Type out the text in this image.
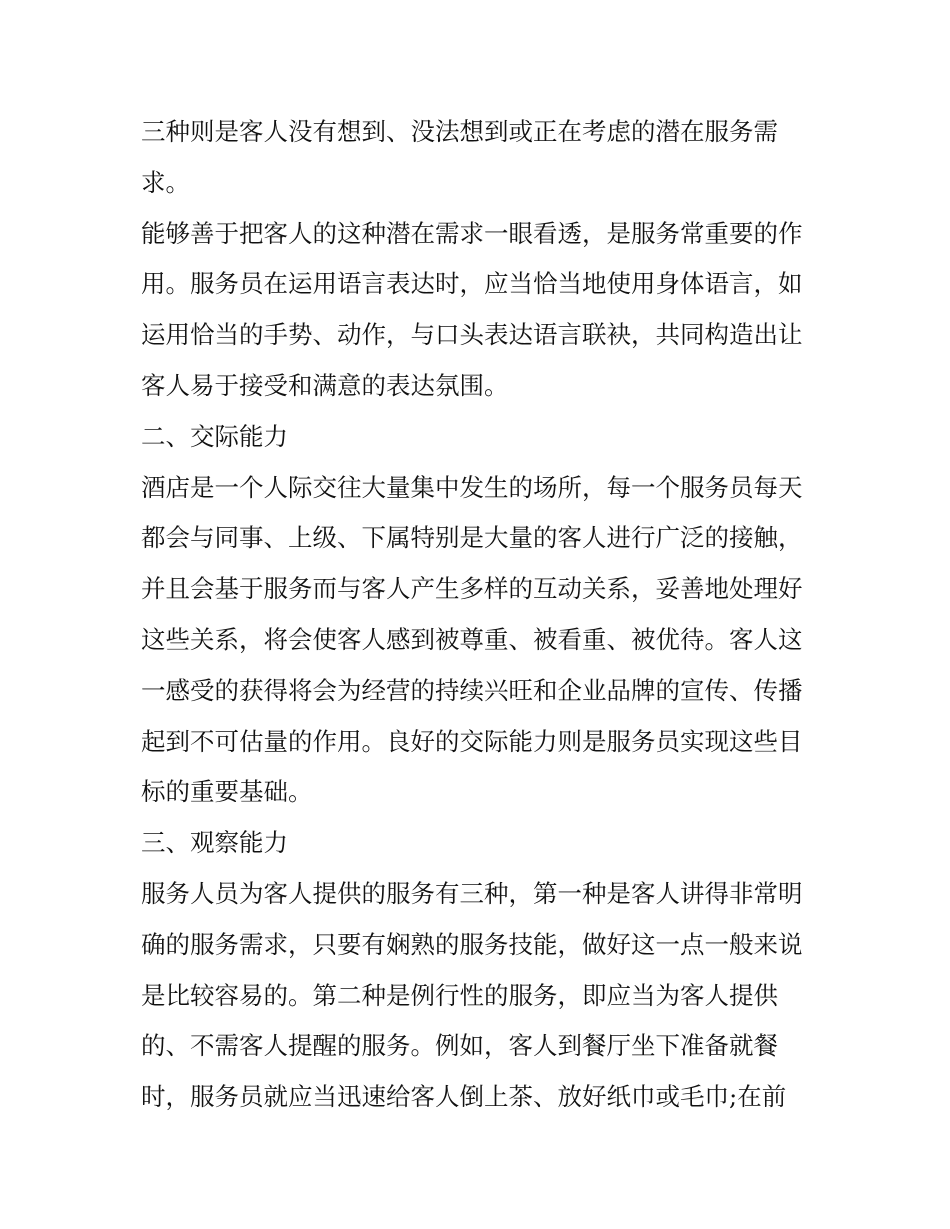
三种则是客人没有想到、没法想到或正在考虑的潜在服务需
求。
能够善于把客人的这种潜在需求一眼看透，是服务常重要的作
用。服务员在运用语言表达时，应当恰当地使用身体语言，如
运用恰当的手势、动作，与口头表达语言联袂，共同构造出让
客人易于接受和满意的表达氛围。
二、交际能力
酒店是一个人际交往大量集中发生的场所，每一个服务员每天
都会与同事、上级、下属特别是大量的客人进行广泛的接触，
并且会基于服务而与客人产生多样的互动关系，妥善地处理好
这些关系，将会使客人感到被尊重、被看重、被优待。客人这
一感受的获得将会为经营的持续兴旺和企业品牌的宣传、传播
起到不可估量的作用。良好的交际能力则是服务员实现这些目
标的重要基础。
三、观察能力
服务人员为客人提供的服务有三种，第一种是客人讲得非常明
确的服务需求，只要有娴熟的服务技能，做好这一点一般来说
是比较容易的。第二种是例行性的服务，即应当为客人提供
的、不需客人提醒的服务。例如，客人到餐厅坐下准备就餐
时，服务员就应当迅速给客人倒上茶、放好纸巾或毛巾;在前
